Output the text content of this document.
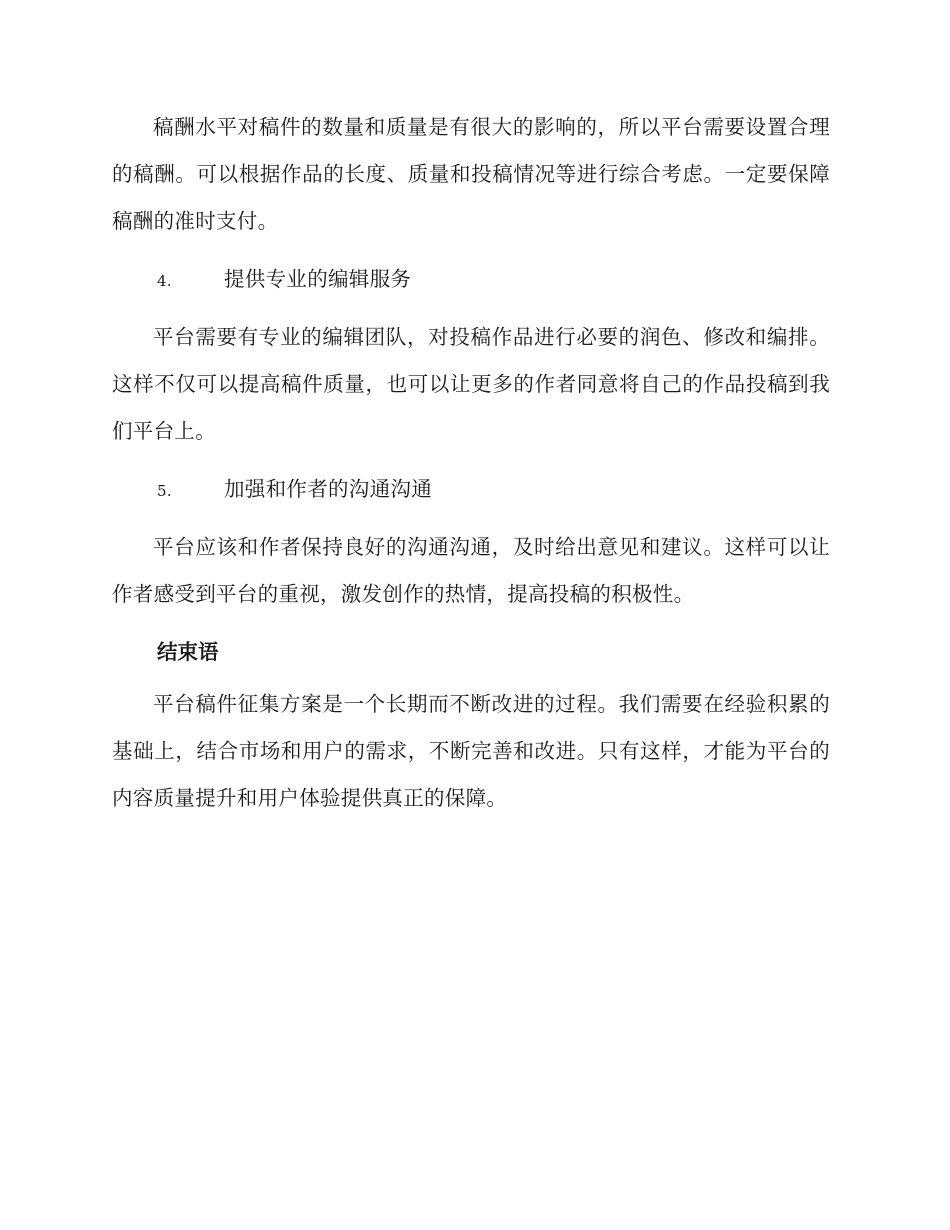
稿酬水平对稿件的数量和质量是有很大的影响的，所以平台需要设置合理的稿酬。可以根据作品的长度、质量和投稿情况等进行综合考虑。一定要保障稿酬的准时支付。

4.	提供专业的编辑服务

平台需要有专业的编辑团队，对投稿作品进行必要的润色、修改和编排。这样不仅可以提高稿件质量，也可以让更多的作者同意将自己的作品投稿到我们平台上。

5.	加强和作者的沟通沟通

平台应该和作者保持良好的沟通沟通，及时给出意见和建议。这样可以让作者感受到平台的重视，激发创作的热情，提高投稿的积极性。

结束语

平台稿件征集方案是一个长期而不断改进的过程。我们需要在经验积累的基础上，结合市场和用户的需求，不断完善和改进。只有这样，才能为平台的内容质量提升和用户体验提供真正的保障。
